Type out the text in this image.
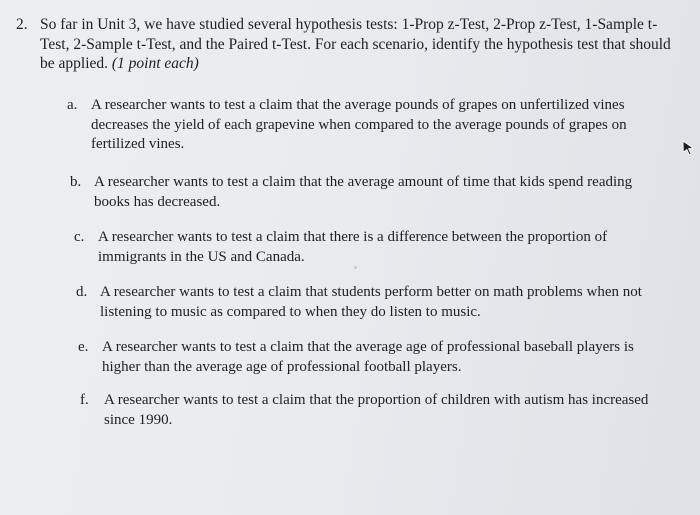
2. So far in Unit 3, we have studied several hypothesis tests: 1-Prop z-Test, 2-Prop z-Test, 1-Sample t-Test, 2-Sample t-Test, and the Paired t-Test. For each scenario, identify the hypothesis test that should be applied. (1 point each)
a. A researcher wants to test a claim that the average pounds of grapes on unfertilized vines decreases the yield of each grapevine when compared to the average pounds of grapes on fertilized vines.
b. A researcher wants to test a claim that the average amount of time that kids spend reading books has decreased.
c. A researcher wants to test a claim that there is a difference between the proportion of immigrants in the US and Canada.
d. A researcher wants to test a claim that students perform better on math problems when not listening to music as compared to when they do listen to music.
e. A researcher wants to test a claim that the average age of professional baseball players is higher than the average age of professional football players.
f. A researcher wants to test a claim that the proportion of children with autism has increased since 1990.
